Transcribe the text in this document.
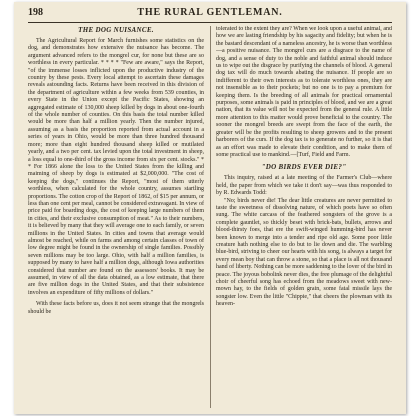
198	THE RURAL GENTLEMAN.
THE DOG NUISANCE.

The Agricultural Report for March furnishes some statistics on the dog, and demonstrates how extensive the nuisance has become. The argument advanced refers to the mongrel cur, for none but these are so worthless in every particular. * * * * "Few are aware," says the Report, "of the immense losses inflicted upon the productive industry of the country by these pests. Every local attempt to ascertain these damages reveals astounding facts. Returns have been received in this division of the department of agriculture within a few weeks from 539 counties, in every State in the Union except the Pacific States, showing an aggregated estimate of 130,000 sheep killed by dogs in about one-fourth of the whole number of counties. On this basis the total number killed would be more than half a million yearly. Then the number injured, assuming as a basis the proportion reported from actual account in a series of years in Ohio, would be more than three hundred thousand more; more than eight hundred thousand sheep killed or mutilated yearly, and a two per cent. tax levied upon the total investment in sheep, a loss equal to one-third of the gross income from six per cent. stocks." * * For 1866 alone the loss to the United States from the killing and maiming of sheep by dogs is estimated at $2,000,000. "The cost of keeping the dogs," continues the Report, "most of them utterly worthless, when calculated for the whole country, assumes startling proportions. The cotton crop of the Report of 1862, of $15 per annum, or less than one cent per meal, cannot be considered extravagant. In view of price paid for boarding dogs, the cost of keeping large numbers of them in cities, and their exclusive consumption of meat." As to their numbers, it is believed by many that they will average one to each family, or seven millions in the United States. In cities and towns that average would almost be reached, while on farms and among certain classes of town of low degree might be found in the ownership of single families. Possibly seven millions may be too large. Ohio, with half a million families, is supposed by many to have half a million dogs, although Iowa authorities considered that number are found on the assessors' books. It may be assumed, in view of all the data obtained, as a low estimate, that there are five million dogs in the United States, and that their subsistence involves an expenditure of fifty millions of dollars."

With these facts before us, does it not seem strange that the mongrels should be

tolerated to the extent they are? When we look upon a useful animal, and how we are lasting friendship by his sagacity and fidelity; but when he is the bastard descendant of a nameless ancestry, he is worse than worthless—a positive nuisance. The mongrel curs are a disgrace to the name of dog, and a sense of duty to the noble and faithful animal should induce us to wipe out the disgrace by purifying the channels of blood. A general dog tax will do much towards abating the nuisance. If people are so indifferent to their own interests as to tolerate worthless ones, they are not insensible as to their pockets; but no one is to pay a premium for keeping them. Is the breeding of all animals for practical ornamental purposes, some animals is paid in principles of blood, and we are a great nation, that its value will not be expected from the general rule. A little more attention to this matter would prove beneficial to the country. The sooner the mongrel breeds are swept from the face of the earth, the greater will be the profits resulting to sheep growers and to the present harborers of the curs. If the dog tax is to generate no further, so it is that as an effort was made to elevate their condition, and to make them of some practical use to mankind.—[Turf, Field and Farm.

"DO BIRDS EVER DIE?"

This inquiry, raised at a late meeting of the Farmer's Club—where held, the paper from which we take it don't say—was thus responded to by R. Edwards Todd:

"No; birds never die! The dear little creatures are never permitted to taste the sweetness of dissolving nature, of which poets have so often sung. The white carcass of the feathered songsters of the grove is a complete gauntlet, so thickly beset with brick-bats, bullets, arrows and blood-thirsty foes, that ere the swift-winged humming-bird has never been known to merge into a tender and ripe old age. Some poor little creature hath nothing else to do but to lie down and die. The warbling blue-bird, striving to cheer our hearts with his song, is always a target for every mean boy that can throw a stone, so that a place is all not thousand hand of liberty. Nothing can be more saddening to the lover of the bird in peace. The joyous bobolink never dies, the free plumage of the delightful choir of cheerful song has echoed from the meadows sweet with new-mown hay, to the fields of golden grain, some fatal missile lays the songster low. Even the little "Chippie," that cheers the plowman with its heaven-
